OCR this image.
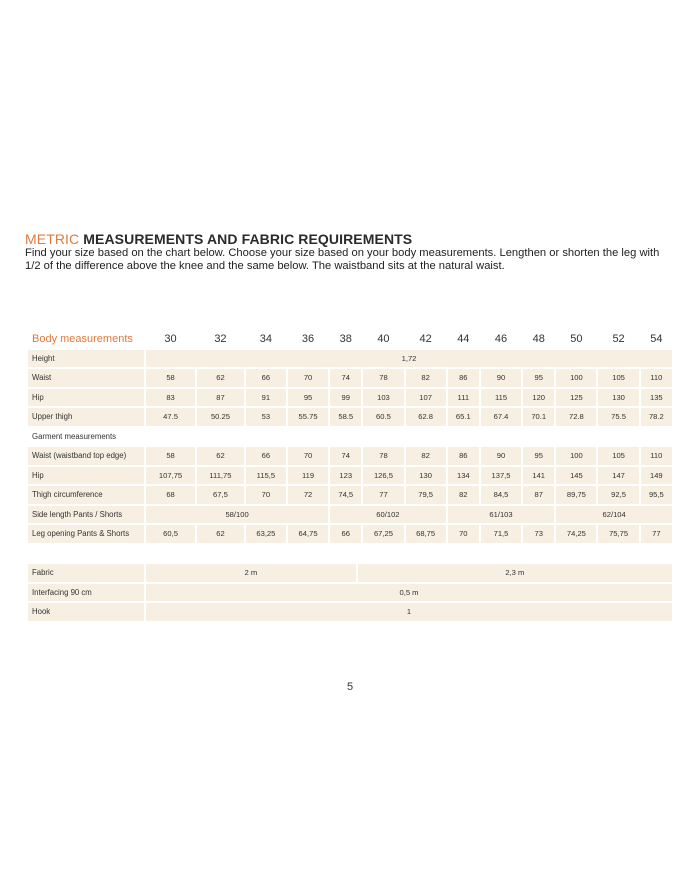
METRIC MEASUREMENTS AND FABRIC REQUIREMENTS
Find your size based on the chart below. Choose your size based on your body measurements. Lengthen or shorten the leg with 1/2 of the difference above the knee and the same below. The waistband sits at the natural waist.
Body measurements	30	32	34	36	38	40	42	44	46	48	50	52	54
Height	1,72												
Waist	58	62	66	70	74	78	82	86	90	95	100	105	110
Hip	83	87	91	95	99	103	107	111	115	120	125	130	135
Upper thigh	47.5	50.25	53	55.75	58.5	60.5	62.8	65.1	67.4	70.1	72.8	75.5	78.2
Garment measurements													
Waist (waistband top edge)	58	62	66	70	74	78	82	86	90	95	100	105	110
Hip	107,75	111,75	115,5	119	123	126,5	130	134	137,5	141	145	147	149
Thigh circumference	68	67,5	70	72	74,5	77	79,5	82	84,5	87	89,75	92,5	95,5
Side length Pants / Shorts	58/100				60/102			61/103			62/104		
Leg opening Pants & Shorts	60,5	62	63,25	64,75	66	67,25	68,75	70	71,5	73	74,25	75,75	77
Fabric	2 m	2,3 m
Interfacing 90 cm	0,5 m	
Hook	1	
5
